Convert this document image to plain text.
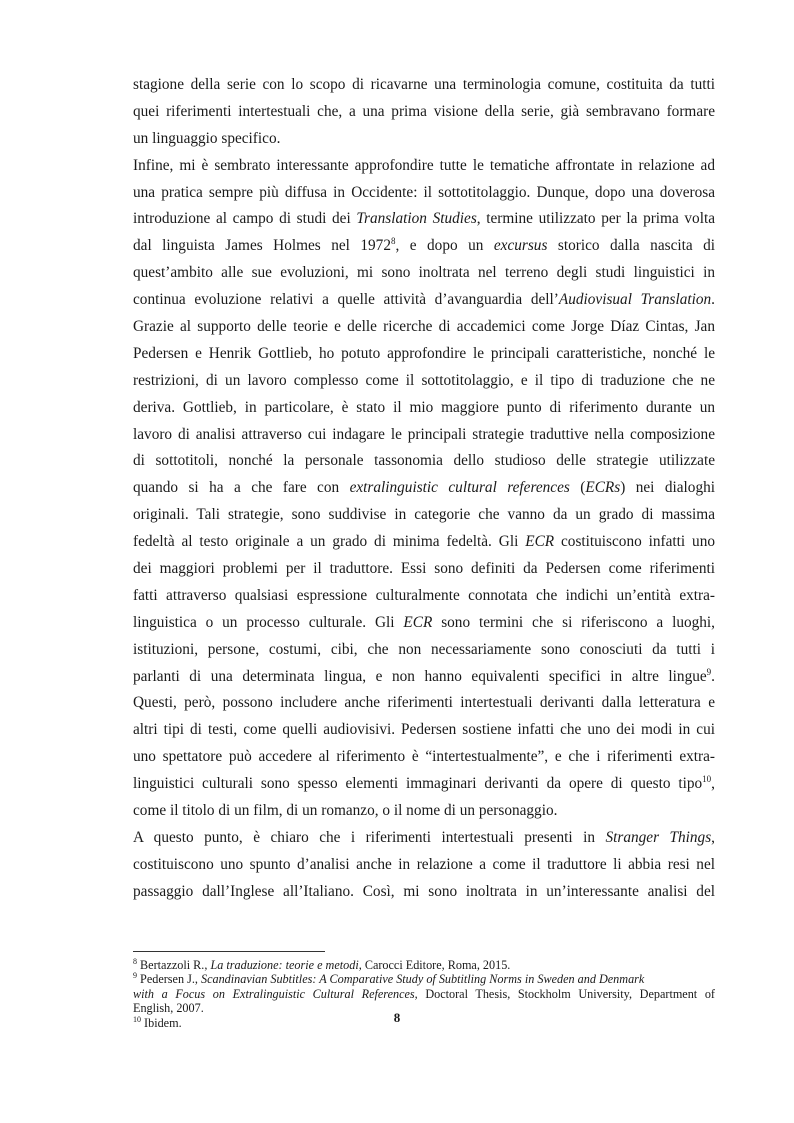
stagione della serie con lo scopo di ricavarne una terminologia comune, costituita da tutti
quei riferimenti intertestuali che, a una prima visione della serie, già sembravano formare
un linguaggio specifico.
Infine, mi è sembrato interessante approfondire tutte le tematiche affrontate in relazione ad
una pratica sempre più diffusa in Occidente: il sottotitolaggio. Dunque, dopo una doverosa
introduzione al campo di studi dei Translation Studies, termine utilizzato per la prima volta
dal linguista James Holmes nel 1972$^8$, e dopo un excursus storico dalla nascita di
quest’ambito alle sue evoluzioni, mi sono inoltrata nel terreno degli studi linguistici in
continua evoluzione relativi a quelle attività d’avanguardia dell’Audiovisual Translation.
Grazie al supporto delle teorie e delle ricerche di accademici come Jorge Díaz Cintas, Jan
Pedersen e Henrik Gottlieb, ho potuto approfondire le principali caratteristiche, nonché le
restrizioni, di un lavoro complesso come il sottotitolaggio, e il tipo di traduzione che ne
deriva. Gottlieb, in particolare, è stato il mio maggiore punto di riferimento durante un
lavoro di analisi attraverso cui indagare le principali strategie traduttive nella composizione
di sottotitoli, nonché la personale tassonomia dello studioso delle strategie utilizzate
quando si ha a che fare con extralinguistic cultural references (ECRs) nei dialoghi
originali. Tali strategie, sono suddivise in categorie che vanno da un grado di massima
fedeltà al testo originale a un grado di minima fedeltà. Gli ECR costituiscono infatti uno
dei maggiori problemi per il traduttore. Essi sono definiti da Pedersen come riferimenti
fatti attraverso qualsiasi espressione culturalmente connotata che indichi un’entità extra-
linguistica o un processo culturale. Gli ECR sono termini che si riferiscono a luoghi,
istituzioni, persone, costumi, cibi, che non necessariamente sono conosciuti da tutti i
parlanti di una determinata lingua, e non hanno equivalenti specifici in altre lingue$^9$.
Questi, però, possono includere anche riferimenti intertestuali derivanti dalla letteratura e
altri tipi di testi, come quelli audiovisivi. Pedersen sostiene infatti che uno dei modi in cui
uno spettatore può accedere al riferimento è “intertestualmente”, e che i riferimenti extra-
linguistici culturali sono spesso elementi immaginari derivanti da opere di questo tipo$^{10}$,
come il titolo di un film, di un romanzo, o il nome di un personaggio.
A questo punto, è chiaro che i riferimenti intertestuali presenti in Stranger Things,
costituiscono uno spunto d’analisi anche in relazione a come il traduttore li abbia resi nel
passaggio dall’Inglese all’Italiano. Così, mi sono inoltrata in un’interessante analisi del
$^8$ Bertazzoli R., La traduzione: teorie e metodi, Carocci Editore, Roma, 2015.
$^9$ Pedersen J., Scandinavian Subtitles: A Comparative Study of Subtitling Norms in Sweden and Denmark
with a Focus on Extralinguistic Cultural References, Doctoral Thesis, Stockholm University, Department of
English, 2007.
$^{10}$ Ibidem.	8
